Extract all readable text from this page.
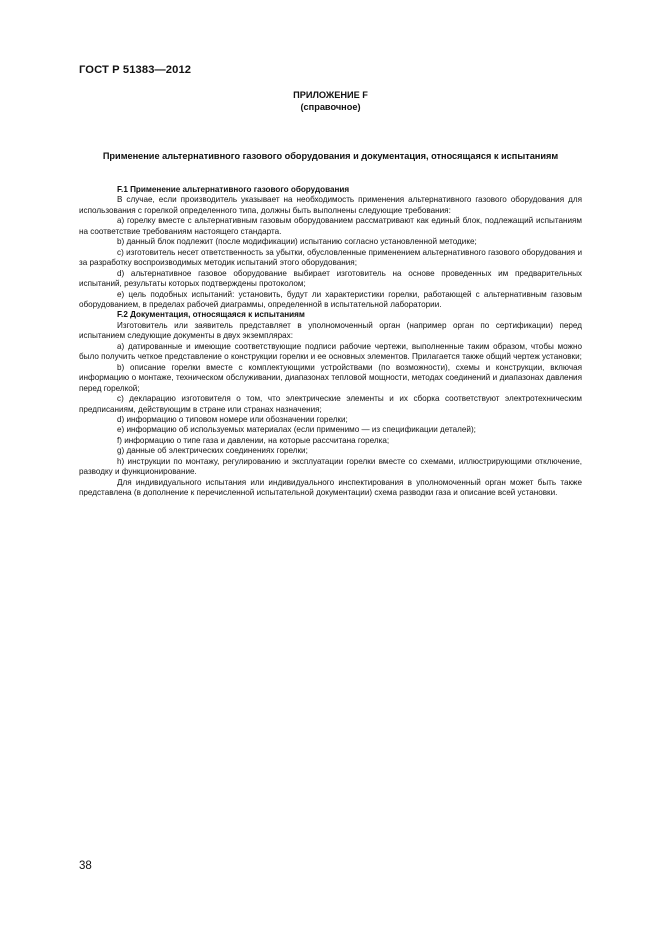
ГОСТ Р 51383—2012
ПРИЛОЖЕНИЕ F
(справочное)
Применение альтернативного газового оборудования и документация, относящаяся к испытаниям

F.1 Применение альтернативного газового оборудования

В случае, если производитель указывает на необходимость применения альтернативного газового оборудования для использования с горелкой определенного типа, должны быть выполнены следующие требования:

а) горелку вместе с альтернативным газовым оборудованием рассматривают как единый блок, подлежащий испытаниям на соответствие требованиям настоящего стандарта.

b) данный блок подлежит (после модификации) испытанию согласно установленной методике;

с) изготовитель несет ответственность за убытки, обусловленные применением альтернативного газового оборудования и за разработку воспроизводимых методик испытаний этого оборудования;

d) альтернативное газовое оборудование выбирает изготовитель на основе проведенных им предварительных испытаний, результаты которых подтверждены протоколом;

е) цель подобных испытаний: установить, будут ли характеристики горелки, работающей с альтернативным газовым оборудованием, в пределах рабочей диаграммы, определенной в испытательной лаборатории.

F.2 Документация, относящаяся к испытаниям

Изготовитель или заявитель представляет в уполномоченный орган (например орган по сертификации) перед испытанием следующие документы в двух экземплярах:

а) датированные и имеющие соответствующие подписи рабочие чертежи, выполненные таким образом, чтобы можно было получить четкое представление о конструкции горелки и ее основных элементов. Прилагается также общий чертеж установки;

b) описание горелки вместе с комплектующими устройствами (по возможности), схемы и конструкции, включая информацию о монтаже, техническом обслуживании, диапазонах тепловой мощности, методах соединений и диапазонах давления перед горелкой;

с) декларацию изготовителя о том, что электрические элементы и их сборка соответствуют электротехническим предписаниям, действующим в стране или странах назначения;

d) информацию о типовом номере или обозначении горелки;

е) информацию об используемых материалах (если применимо — из спецификации деталей);

f) информацию о типе газа и давлении, на которые рассчитана горелка;

g) данные об электрических соединениях горелки;

h) инструкции по монтажу, регулированию и эксплуатации горелки вместе со схемами, иллюстрирующими отключение, разводку и функционирование.

Для индивидуального испытания или индивидуального инспектирования в уполномоченный орган может быть также представлена (в дополнение к перечисленной испытательной документации) схема разводки газа и описание всей установки.

38
